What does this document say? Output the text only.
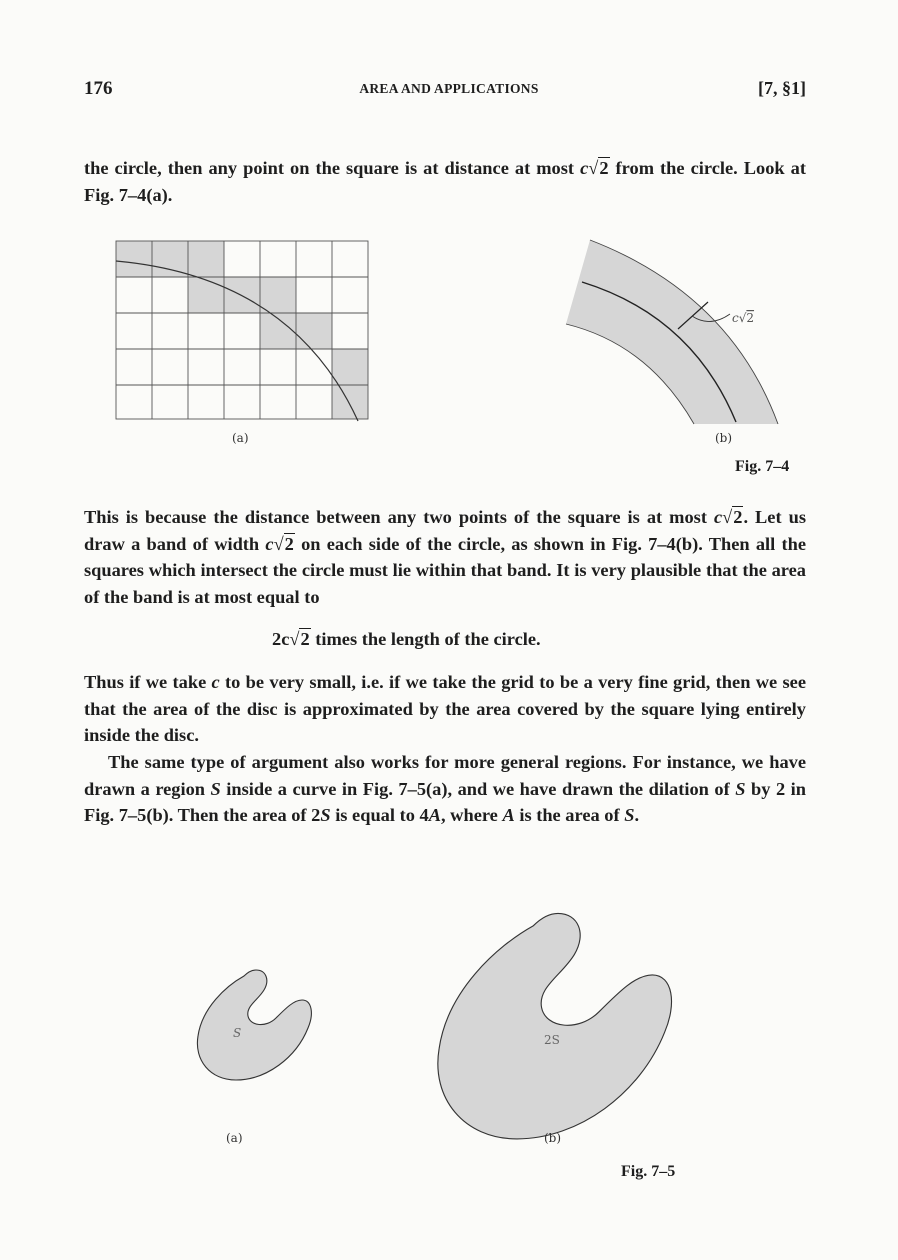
176	AREA AND APPLICATIONS	[7, §1]

the circle, then any point on the square is at distance at most c√2 from the circle. Look at Fig. 7–4(a).

(a)
c√2
(b)
Fig. 7–4

This is because the distance between any two points of the square is at most c√2. Let us draw a band of width c√2 on each side of the circle, as shown in Fig. 7–4(b). Then all the squares which intersect the circle must lie within that band. It is very plausible that the area of the band is at most equal to

2c√2 times the length of the circle.

Thus if we take c to be very small, i.e. if we take the grid to be a very fine grid, then we see that the area of the disc is approximated by the area covered by the square lying entirely inside the disc.

The same type of argument also works for more general regions. For instance, we have drawn a region S inside a curve in Fig. 7–5(a), and we have drawn the dilation of S by 2 in Fig. 7–5(b). Then the area of 2S is equal to 4A, where A is the area of S.

S	2S
(a)	(b)
Fig. 7–5
